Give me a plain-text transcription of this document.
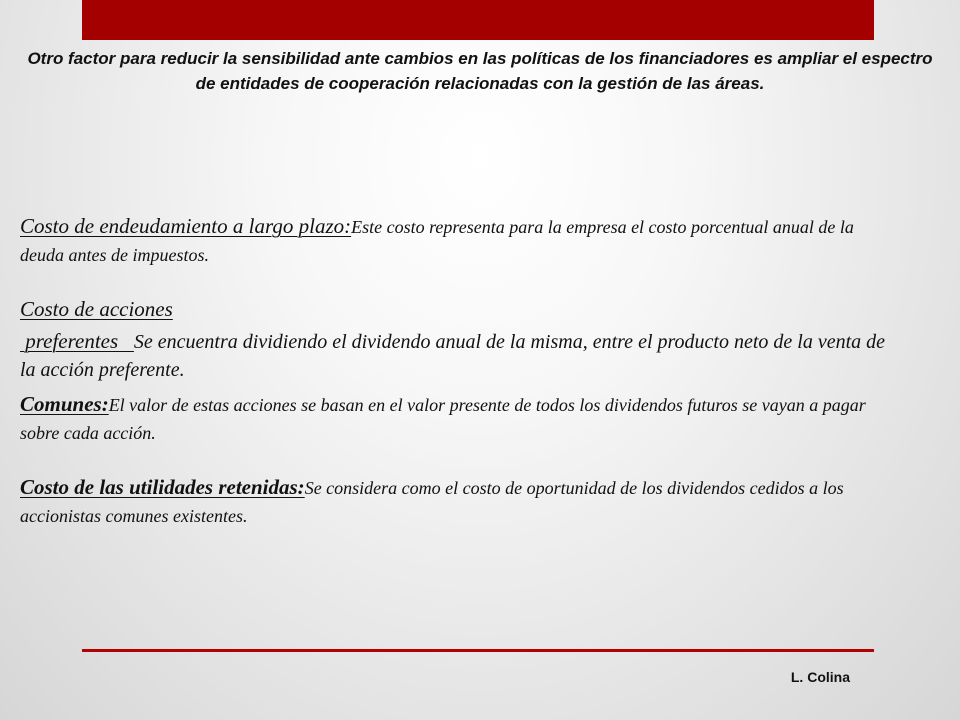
Otro factor para reducir la sensibilidad ante cambios en las políticas de los financiadores es ampliar el espectro de entidades de cooperación relacionadas con la gestión de las áreas.

Costo de endeudamiento a largo plazo:Este costo representa para la empresa el costo porcentual anual de la deuda antes de impuestos.

Costo de acciones

preferentes   Se encuentra dividiendo el dividendo anual de la misma, entre el producto neto de la venta de la acción preferente.

Comunes:El valor de estas acciones se basan en el valor presente de todos los dividendos futuros se vayan a pagar sobre cada acción.

Costo de las utilidades retenidas:Se considera como el costo de oportunidad de los dividendos cedidos a los accionistas comunes existentes.

L. Colina
